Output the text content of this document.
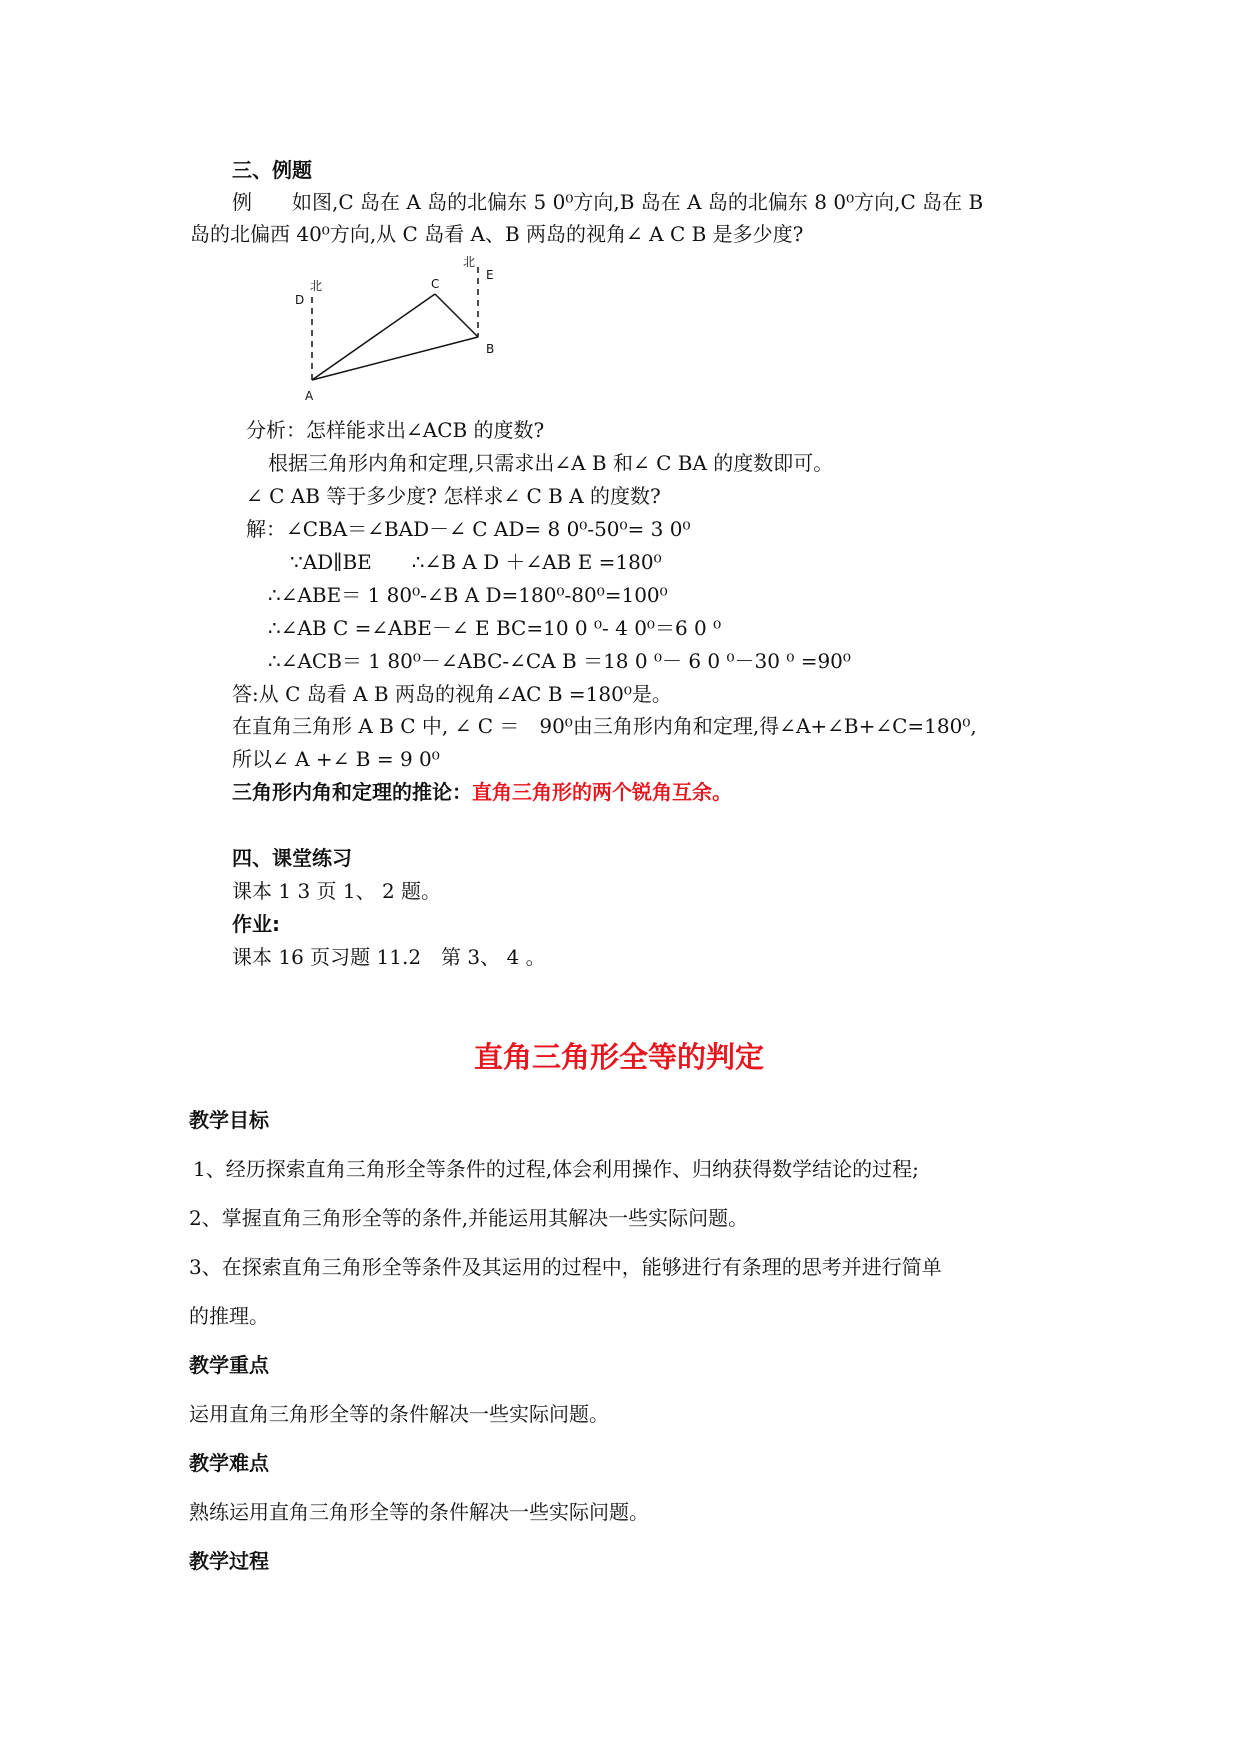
三、例题
例　　如图,C 岛在 A 岛的北偏东 5 0⁰方向,B 岛在 A 岛的北偏东 8 0⁰方向,C 岛在 B
岛的北偏西 40⁰方向,从 C 岛看 A、B 两岛的视角∠ A C B 是多少度?
北
北
D
C
E
B
A
分析：怎样能求出∠ACB 的度数?
根据三角形内角和定理,只需求出∠A B 和∠ C BA 的度数即可。
∠ C AB 等于多少度? 怎样求∠ C B A 的度数?
解：∠CBA＝∠BAD－∠ C AD= 8 0⁰-50⁰= 3 0⁰
∵AD∥BE　　∴∠B A D ＋∠AB E =180⁰
∴∠ABE＝ 1 80⁰-∠B A D=180⁰-80⁰=100⁰
∴∠AB C =∠ABE－∠ E BC=10 0 ⁰- 4 0⁰＝6 0 ⁰
∴∠ACB＝ 1 80⁰－∠ABC-∠CA B ＝18 0 ⁰－ 6 0 ⁰－30 ⁰ =90⁰
答:从 C 岛看 A B 两岛的视角∠AC B =180⁰是。
在直角三角形 A B C 中, ∠ C ＝　90⁰由三角形内角和定理,得∠A+∠B+∠C=180⁰,
所以∠ A +∠ B = 9 0⁰
三角形内角和定理的推论：直角三角形的两个锐角互余。
四、课堂练习
课本 1 3 页 1、 2 题。
作业:
课本 16 页习题 11.2　第 3、 4 。
直角三角形全等的判定
教学目标
1、经历探索直角三角形全等条件的过程,体会利用操作、归纳获得数学结论的过程;
2、掌握直角三角形全等的条件,并能运用其解决一些实际问题。
3、在探索直角三角形全等条件及其运用的过程中，能够进行有条理的思考并进行简单
的推理。
教学重点
运用直角三角形全等的条件解决一些实际问题。
教学难点
熟练运用直角三角形全等的条件解决一些实际问题。
教学过程
